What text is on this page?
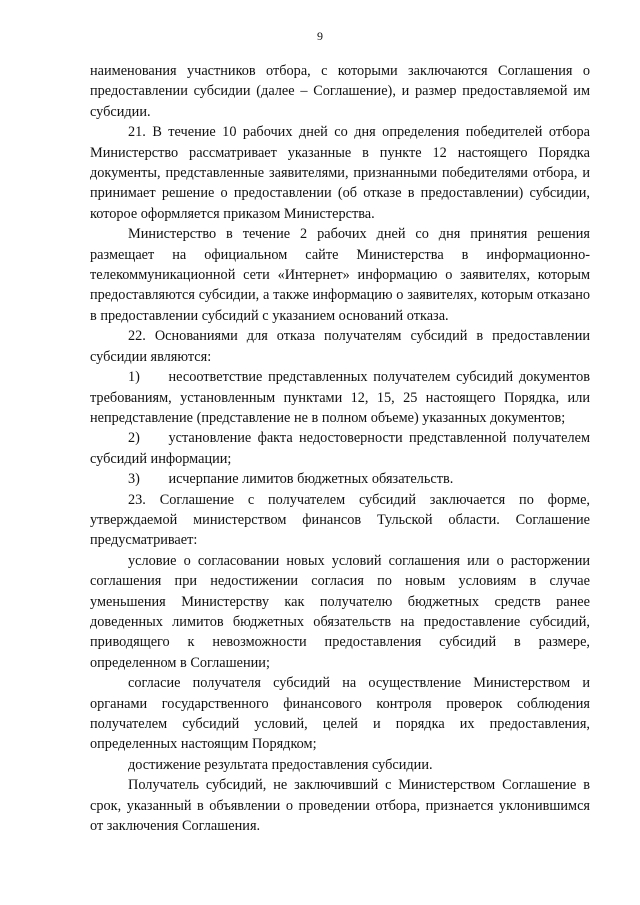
9

наименования участников отбора, с которыми заключаются Соглашения о предоставлении субсидии (далее – Соглашение), и размер предоставляемой им субсидии.

21. В течение 10 рабочих дней со дня определения победителей отбора Министерство рассматривает указанные в пункте 12 настоящего Порядка документы, представленные заявителями, признанными победителями отбора, и принимает решение о предоставлении (об отказе в предоставлении) субсидии, которое оформляется приказом Министерства.

Министерство в течение 2 рабочих дней со дня принятия решения размещает на официальном сайте Министерства в информационно-телекоммуникационной сети «Интернет» информацию о заявителях, которым предоставляются субсидии, а также информацию о заявителях, которым отказано в предоставлении субсидий с указанием оснований отказа.

22. Основаниями для отказа получателям субсидий в предоставлении субсидии являются:

1)  несоответствие представленных получателем субсидий документов требованиям, установленным пунктами 12, 15, 25 настоящего Порядка, или непредставление (представление не в полном объеме) указанных документов;

2)  установление факта недостоверности представленной получателем субсидий информации;

3)  исчерпание лимитов бюджетных обязательств.

23. Соглашение с получателем субсидий заключается по форме, утверждаемой министерством финансов Тульской области. Соглашение предусматривает:

условие о согласовании новых условий соглашения или о расторжении соглашения при недостижении согласия по новым условиям в случае уменьшения Министерству как получателю бюджетных средств ранее доведенных лимитов бюджетных обязательств на предоставление субсидий, приводящего к невозможности предоставления субсидий в размере, определенном в Соглашении;

согласие получателя субсидий на осуществление Министерством и органами государственного финансового контроля проверок соблюдения получателем субсидий условий, целей и порядка их предоставления, определенных настоящим Порядком;

достижение результата предоставления субсидии.

Получатель субсидий, не заключивший с Министерством Соглашение в срок, указанный в объявлении о проведении отбора, признается уклонившимся от заключения Соглашения.
